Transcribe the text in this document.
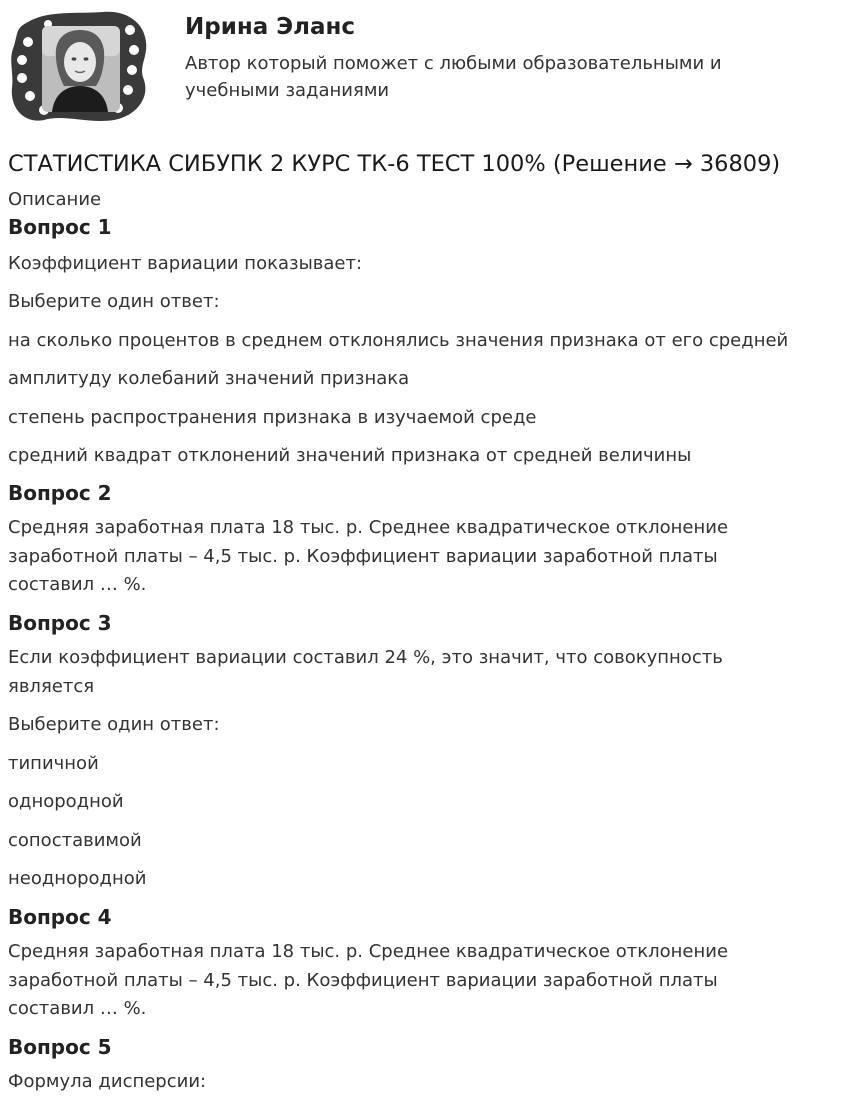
Ирина Эланс
Автор который поможет с любыми образовательными и учебными заданиями
СТАТИСТИКА СИБУПК 2 КУРС ТК-6 ТЕСТ 100% (Решение → 36809)
Описание
Вопрос 1
Коэффициент вариации показывает:
Выберите один ответ:
на сколько процентов в среднем отклонялись значения признака от его средней
амплитуду колебаний значений признака
степень распространения признака в изучаемой среде
средний квадрат отклонений значений признака от средней величины
Вопрос 2
Средняя заработная плата 18 тыс. р. Среднее квадратическое отклонение заработной платы – 4,5 тыс. р. Коэффициент вариации заработной платы составил … %.
Вопрос 3
Если коэффициент вариации составил 24 %, это значит, что совокупность является
Выберите один ответ:
типичной
однородной
сопоставимой
неоднородной
Вопрос 4
Средняя заработная плата 18 тыс. р. Среднее квадратическое отклонение заработной платы – 4,5 тыс. р. Коэффициент вариации заработной платы составил … %.
Вопрос 5
Формула дисперсии:
